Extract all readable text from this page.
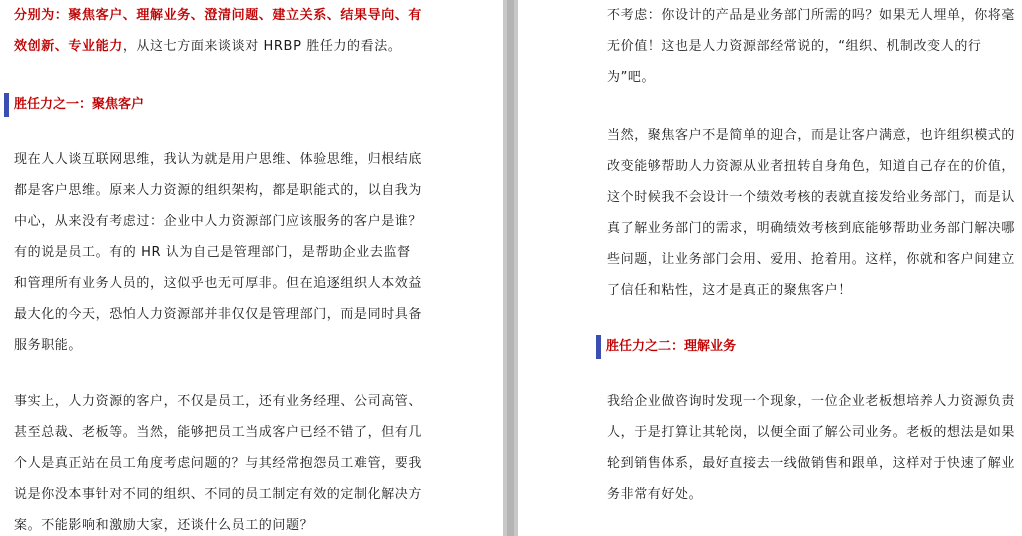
分别为：聚焦客户、理解业务、澄清问题、建立关系、结果导向、有效创新、专业能力，从这七方面来谈谈对 HRBP 胜任力的看法。

胜任力之一：聚焦客户

现在人人谈互联网思维，我认为就是用户思维、体验思维，归根结底都是客户思维。原来人力资源的组织架构，都是职能式的，以自我为中心，从来没有考虑过：企业中人力资源部门应该服务的客户是谁？有的说是员工。有的 HR 认为自己是管理部门，是帮助企业去监督和管理所有业务人员的，这似乎也无可厚非。但在追逐组织人本效益最大化的今天，恐怕人力资源部并非仅仅是管理部门，而是同时具备服务职能。

事实上，人力资源的客户，不仅是员工，还有业务经理、公司高管、甚至总裁、老板等。当然，能够把员工当成客户已经不错了，但有几个人是真正站在员工角度考虑问题的？与其经常抱怨员工难管，要我说是你没本事针对不同的组织、不同的员工制定有效的定制化解决方案。不能影响和激励大家，还谈什么员工的问题？

不考虑：你设计的产品是业务部门所需的吗？如果无人埋单，你将毫无价值！这也是人力资源部经常说的，“组织、机制改变人的行为”吧。

当然，聚焦客户不是简单的迎合，而是让客户满意，也许组织模式的改变能够帮助人力资源从业者扭转自身角色，知道自己存在的价值，这个时候我不会设计一个绩效考核的表就直接发给业务部门，而是认真了解业务部门的需求，明确绩效考核到底能够帮助业务部门解决哪些问题，让业务部门会用、爱用、抢着用。这样，你就和客户间建立了信任和粘性，这才是真正的聚焦客户！

胜任力之二：理解业务

我给企业做咨询时发现一个现象，一位企业老板想培养人力资源负责人，于是打算让其轮岗，以便全面了解公司业务。老板的想法是如果轮到销售体系，最好直接去一线做销售和跟单，这样对于快速了解业务非常有好处。
